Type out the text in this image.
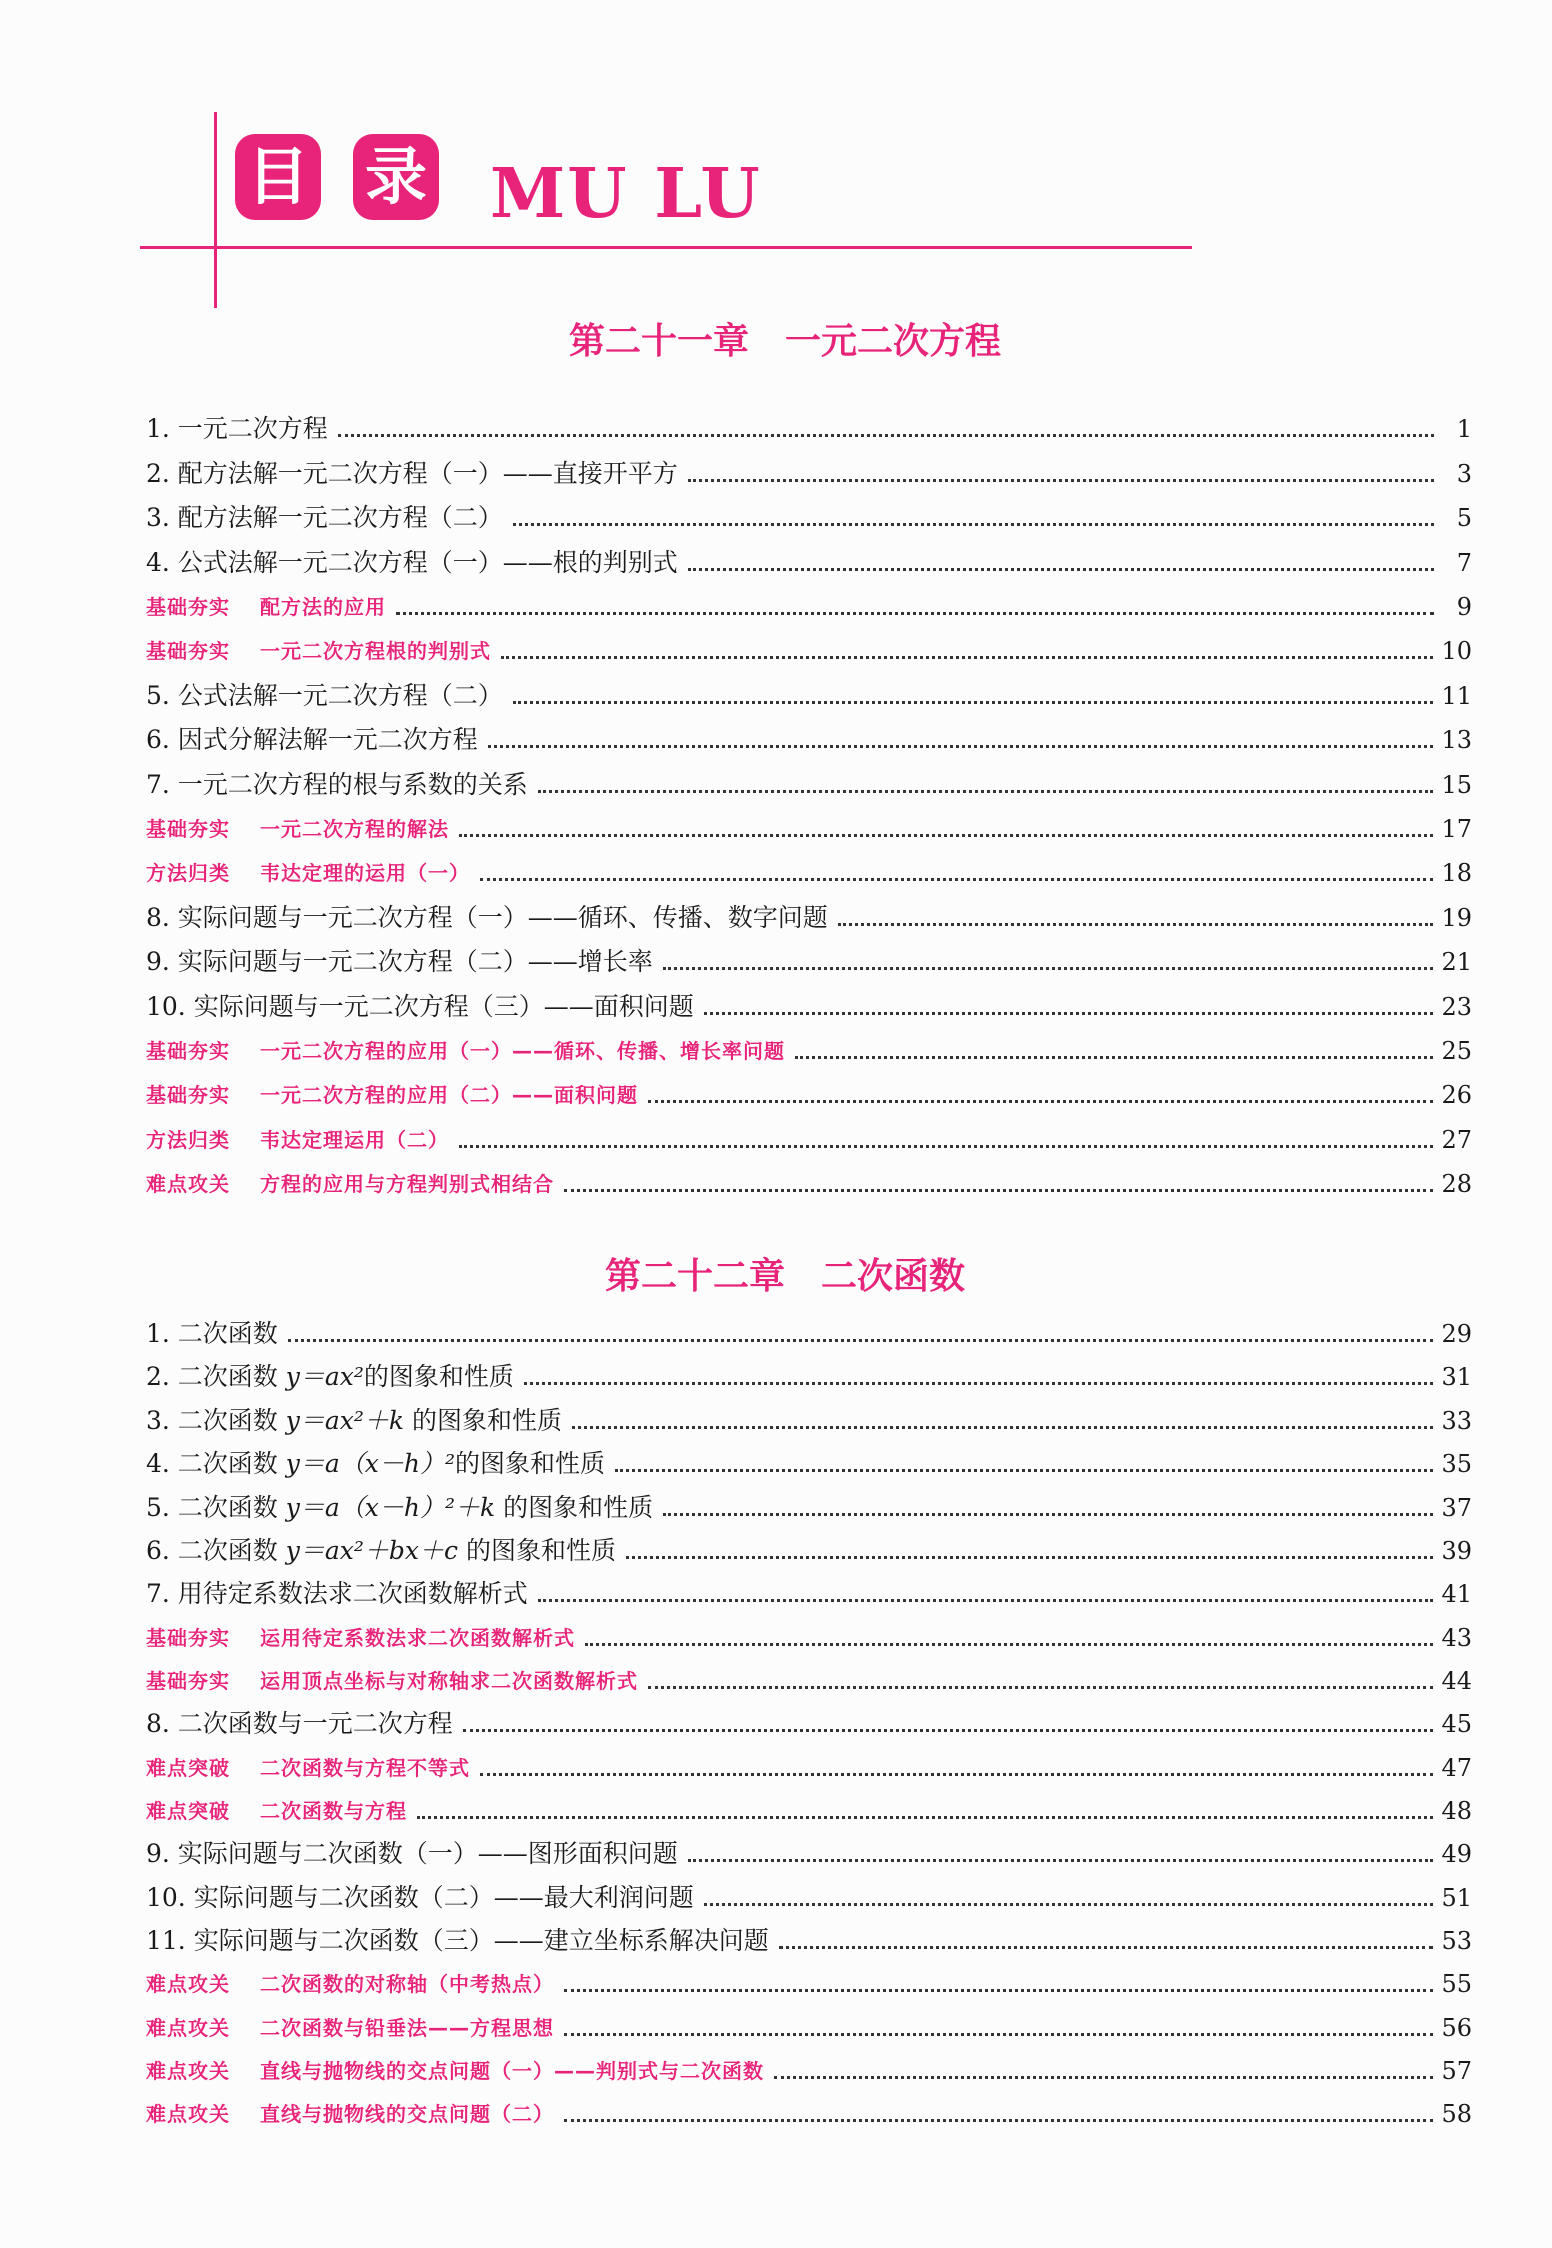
目 录 MU LU
第二十一章　一元二次方程
1. 一元二次方程	1
2. 配方法解一元二次方程（一）——直接开平方	3
3. 配方法解一元二次方程（二）	5
4. 公式法解一元二次方程（一）——根的判别式	7
基础夯实 配方法的应用	9
基础夯实 一元二次方程根的判别式	10
5. 公式法解一元二次方程（二）	11
6. 因式分解法解一元二次方程	13
7. 一元二次方程的根与系数的关系	15
基础夯实 一元二次方程的解法	17
方法归类 韦达定理的运用（一）	18
8. 实际问题与一元二次方程（一）——循环、传播、数字问题	19
9. 实际问题与一元二次方程（二）——增长率	21
10. 实际问题与一元二次方程（三）——面积问题	23
基础夯实 一元二次方程的应用（一）——循环、传播、增长率问题	25
基础夯实 一元二次方程的应用（二）——面积问题	26
方法归类 韦达定理运用（二）	27
难点攻关 方程的应用与方程判别式相结合	28
第二十二章　二次函数
1. 二次函数	29
2. 二次函数 y＝ax²的图象和性质	31
3. 二次函数 y＝ax²＋k 的图象和性质	33
4. 二次函数 y＝a（x－h）²的图象和性质	35
5. 二次函数 y＝a（x－h）²＋k 的图象和性质	37
6. 二次函数 y＝ax²＋bx＋c 的图象和性质	39
7. 用待定系数法求二次函数解析式	41
基础夯实 运用待定系数法求二次函数解析式	43
基础夯实 运用顶点坐标与对称轴求二次函数解析式	44
8. 二次函数与一元二次方程	45
难点突破 二次函数与方程不等式	47
难点突破 二次函数与方程	48
9. 实际问题与二次函数（一）——图形面积问题	49
10. 实际问题与二次函数（二）——最大利润问题	51
11. 实际问题与二次函数（三）——建立坐标系解决问题	53
难点攻关 二次函数的对称轴（中考热点）	55
难点攻关 二次函数与铅垂法——方程思想	56
难点攻关 直线与抛物线的交点问题（一）——判别式与二次函数	57
难点攻关 直线与抛物线的交点问题（二）	58
